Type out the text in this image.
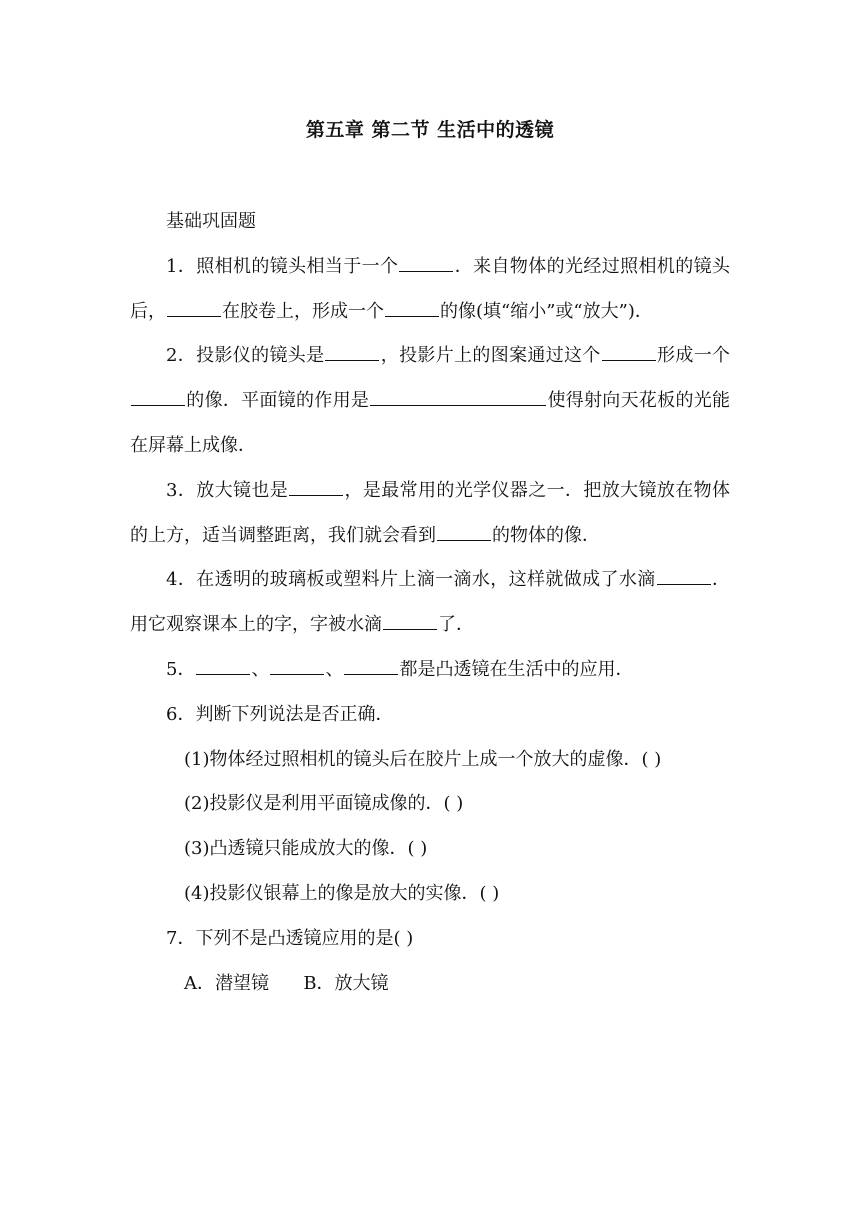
第五章 第二节 生活中的透镜

基础巩固题

1．照相机的镜头相当于一个	．来自物体的光经过照相机的镜头后，	在胶卷上，形成一个	的像(填“缩小”或“放大”)．

2．投影仪的镜头是	，投影片上的图案通过这个	形成一个的像．平面镜的作用是	使得射向天花板的光能在屏幕上成像．

3．放大镜也是	，是最常用的光学仪器之一．把放大镜放在物体的上方，适当调整距离，我们就会看到	的物体的像．

4．在透明的玻璃板或塑料片上滴一滴水，这样就做成了水滴	．用它观察课本上的字，字被水滴	了．

5．	、	、	都是凸透镜在生活中的应用．

6．判断下列说法是否正确．

(1)物体经过照相机的镜头后在胶片上成一个放大的虚像．( )

(2)投影仪是利用平面镜成像的．( )

(3)凸透镜只能成放大的像．( )

(4)投影仪银幕上的像是放大的实像．( )

7．下列不是凸透镜应用的是( )

A．潜望镜      B．放大镜
